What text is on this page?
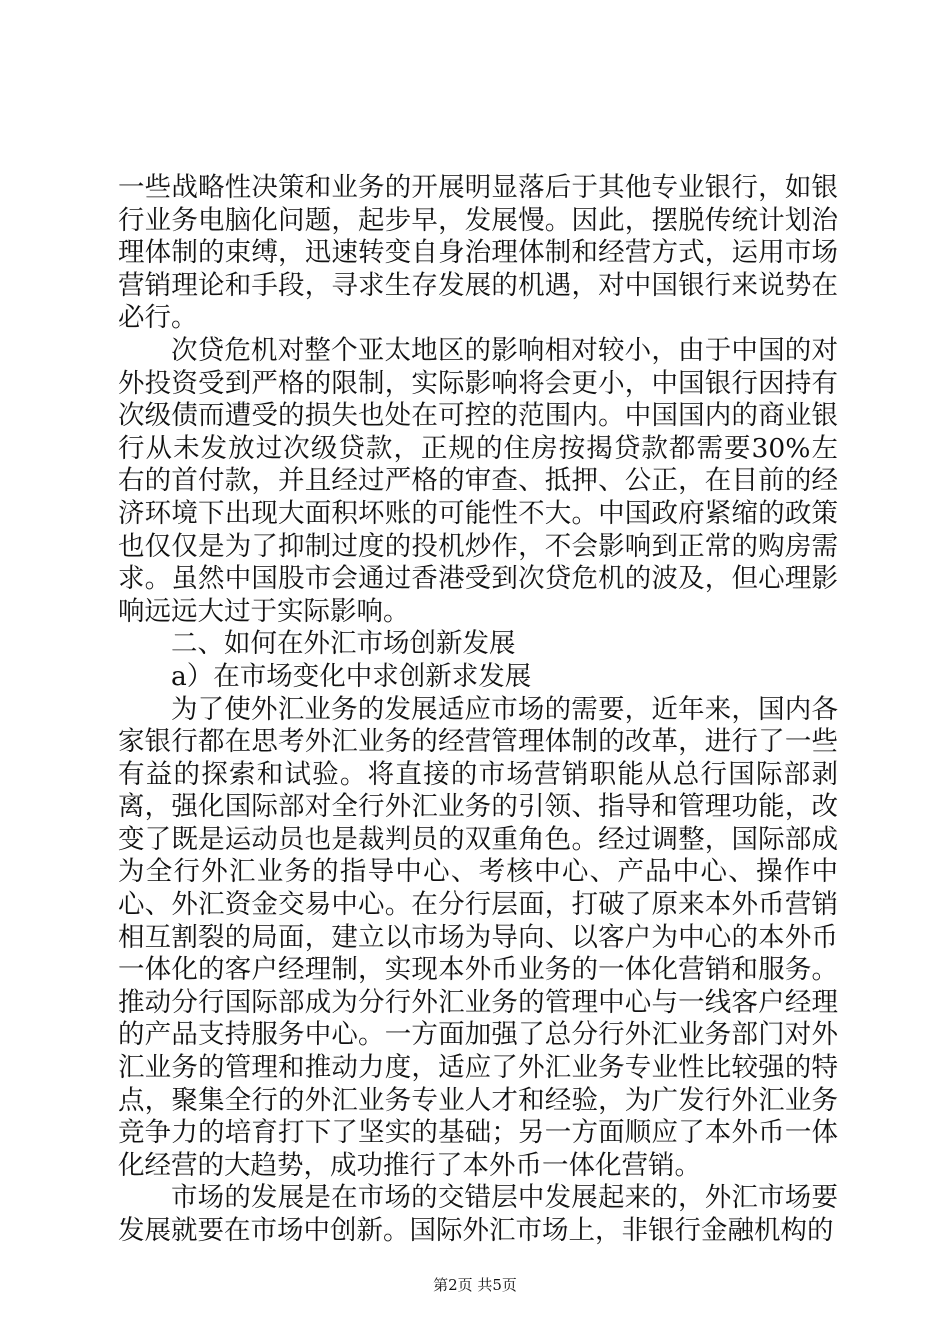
一些战略性决策和业务的开展明显落后于其他专业银行，如银行业务电脑化问题，起步早，发展慢。因此，摆脱传统计划治理体制的束缚，迅速转变自身治理体制和经营方式，运用市场营销理论和手段，寻求生存发展的机遇，对中国银行来说势在必行。

次贷危机对整个亚太地区的影响相对较小，由于中国的对外投资受到严格的限制，实际影响将会更小，中国银行因持有次级债而遭受的损失也处在可控的范围内。中国国内的商业银行从未发放过次级贷款，正规的住房按揭贷款都需要30%左右的首付款，并且经过严格的审查、抵押、公正，在目前的经济环境下出现大面积坏账的可能性不大。中国政府紧缩的政策也仅仅是为了抑制过度的投机炒作，不会影响到正常的购房需求。虽然中国股市会通过香港受到次贷危机的波及，但心理影响远远大过于实际影响。

二、如何在外汇市场创新发展

a）在市场变化中求创新求发展

为了使外汇业务的发展适应市场的需要，近年来，国内各家银行都在思考外汇业务的经营管理体制的改革，进行了一些有益的探索和试验。将直接的市场营销职能从总行国际部剥离，强化国际部对全行外汇业务的引领、指导和管理功能，改变了既是运动员也是裁判员的双重角色。经过调整，国际部成为全行外汇业务的指导中心、考核中心、产品中心、操作中心、外汇资金交易中心。在分行层面，打破了原来本外币营销相互割裂的局面，建立以市场为导向、以客户为中心的本外币一体化的客户经理制，实现本外币业务的一体化营销和服务。推动分行国际部成为分行外汇业务的管理中心与一线客户经理的产品支持服务中心。一方面加强了总分行外汇业务部门对外汇业务的管理和推动力度，适应了外汇业务专业性比较强的特点，聚集全行的外汇业务专业人才和经验，为广发行外汇业务竞争力的培育打下了坚实的基础；另一方面顺应了本外币一体化经营的大趋势，成功推行了本外币一体化营销。

市场的发展是在市场的交错层中发展起来的，外汇市场要发展就要在市场中创新。国际外汇市场上，非银行金融机构的

第2页 共5页
